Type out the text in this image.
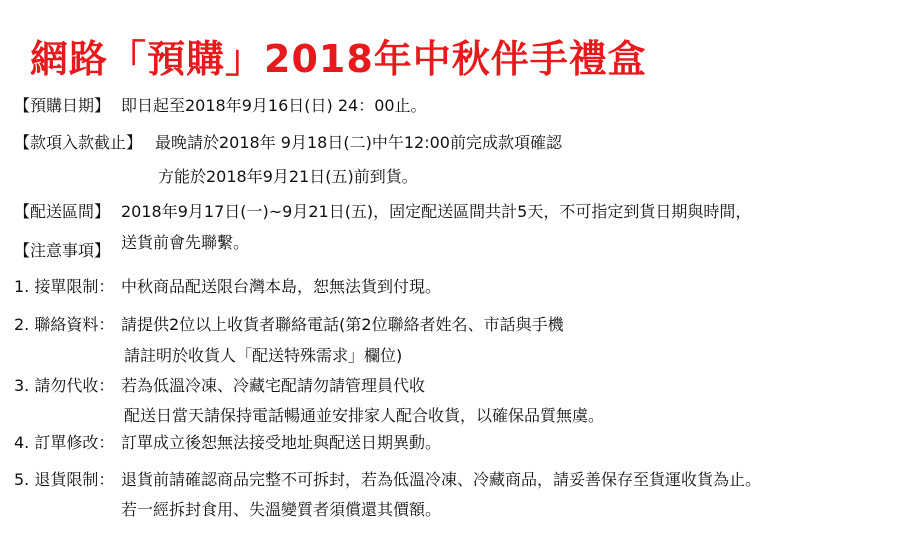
網路「預購」2018年中秋伴手禮盒
【預購日期】 即日起至2018年9月16日(日) 24：00止。
【款項入款截止】 最晚請於2018年 9月18日(二)中午12:00前完成款項確認
方能於2018年9月21日(五)前到貨。
【配送區間】 2018年9月17日(一)~9月21日(五)，固定配送區間共計5天，不可指定到貨日期與時間，
送貨前會先聯繫。
【注意事項】
1. 接單限制： 中秋商品配送限台灣本島，恕無法貨到付現。
2. 聯絡資料： 請提供2位以上收貨者聯絡電話(第2位聯絡者姓名、市話與手機
請註明於收貨人「配送特殊需求」欄位)
3. 請勿代收： 若為低溫冷凍、冷藏宅配請勿請管理員代收
配送日當天請保持電話暢通並安排家人配合收貨，以確保品質無虞。
4. 訂單修改： 訂單成立後恕無法接受地址與配送日期異動。
5. 退貨限制： 退貨前請確認商品完整不可拆封，若為低溫冷凍、冷藏商品，請妥善保存至貨運收貨為止。
若一經拆封食用、失溫變質者須償還其價額。
